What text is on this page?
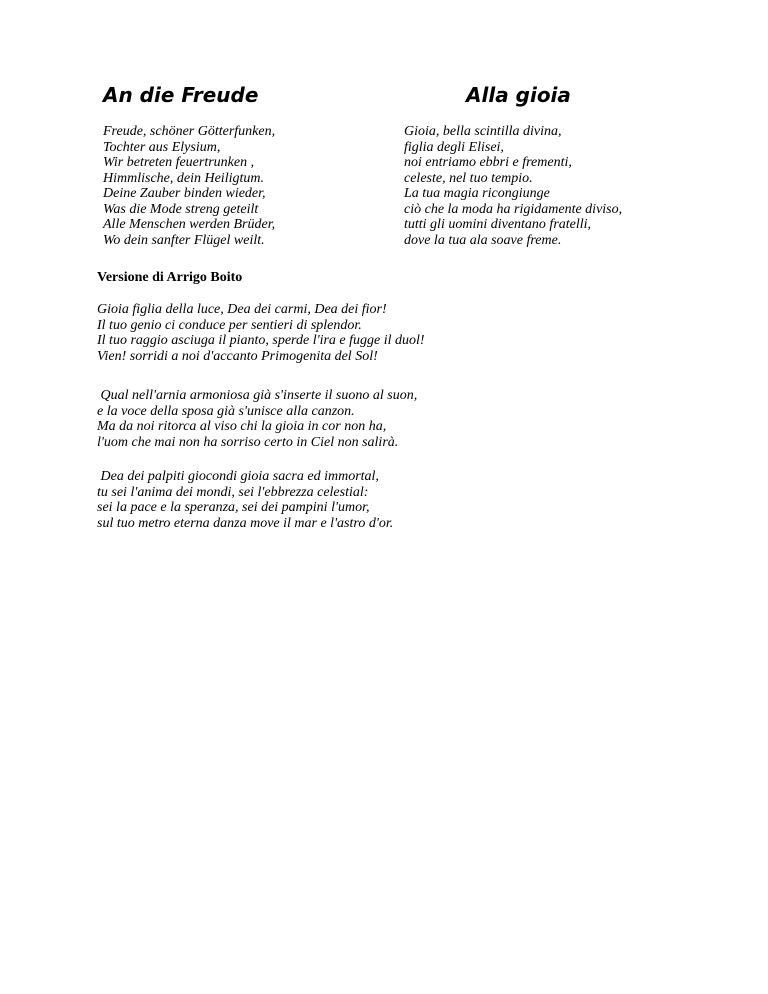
An die Freude
Freude, schöner Götterfunken,
Tochter aus Elysium,
Wir betreten feuertrunken ,
Himmlische, dein Heiligtum.
Deine Zauber binden wieder,
Was die Mode streng geteilt
Alle Menschen werden Brüder,
Wo dein sanfter Flügel weilt.
Alla gioia
Gioia, bella scintilla divina,
figlia degli Elisei,
noi entriamo ebbri e frementi,
celeste, nel tuo tempio.
La tua magia ricongiunge
ciò che la moda ha rigidamente diviso,
tutti gli uomini diventano fratelli,
dove la tua ala soave freme.
Versione di Arrigo Boito
Gioia figlia della luce, Dea dei carmi, Dea dei fior!
Il tuo genio ci conduce per sentieri di splendor.
Il tuo raggio asciuga il pianto, sperde l'ira e fugge il duol!
Vien! sorridi a noi d'accanto Primogenita del Sol!
Qual nell'arnia armoniosa già s'inserte il suono al suon,
e la voce della sposa già s'unisce alla canzon.
Ma da noi ritorca al viso chi la gioia in cor non ha,
l'uom che mai non ha sorriso certo in Ciel non salirà.
Dea dei palpiti giocondi gioia sacra ed immortal,
tu sei l'anima dei mondi, sei l'ebbrezza celestial:
sei la pace e la speranza, sei dei pampini l'umor,
sul tuo metro eterna danza move il mar e l'astro d'or.
